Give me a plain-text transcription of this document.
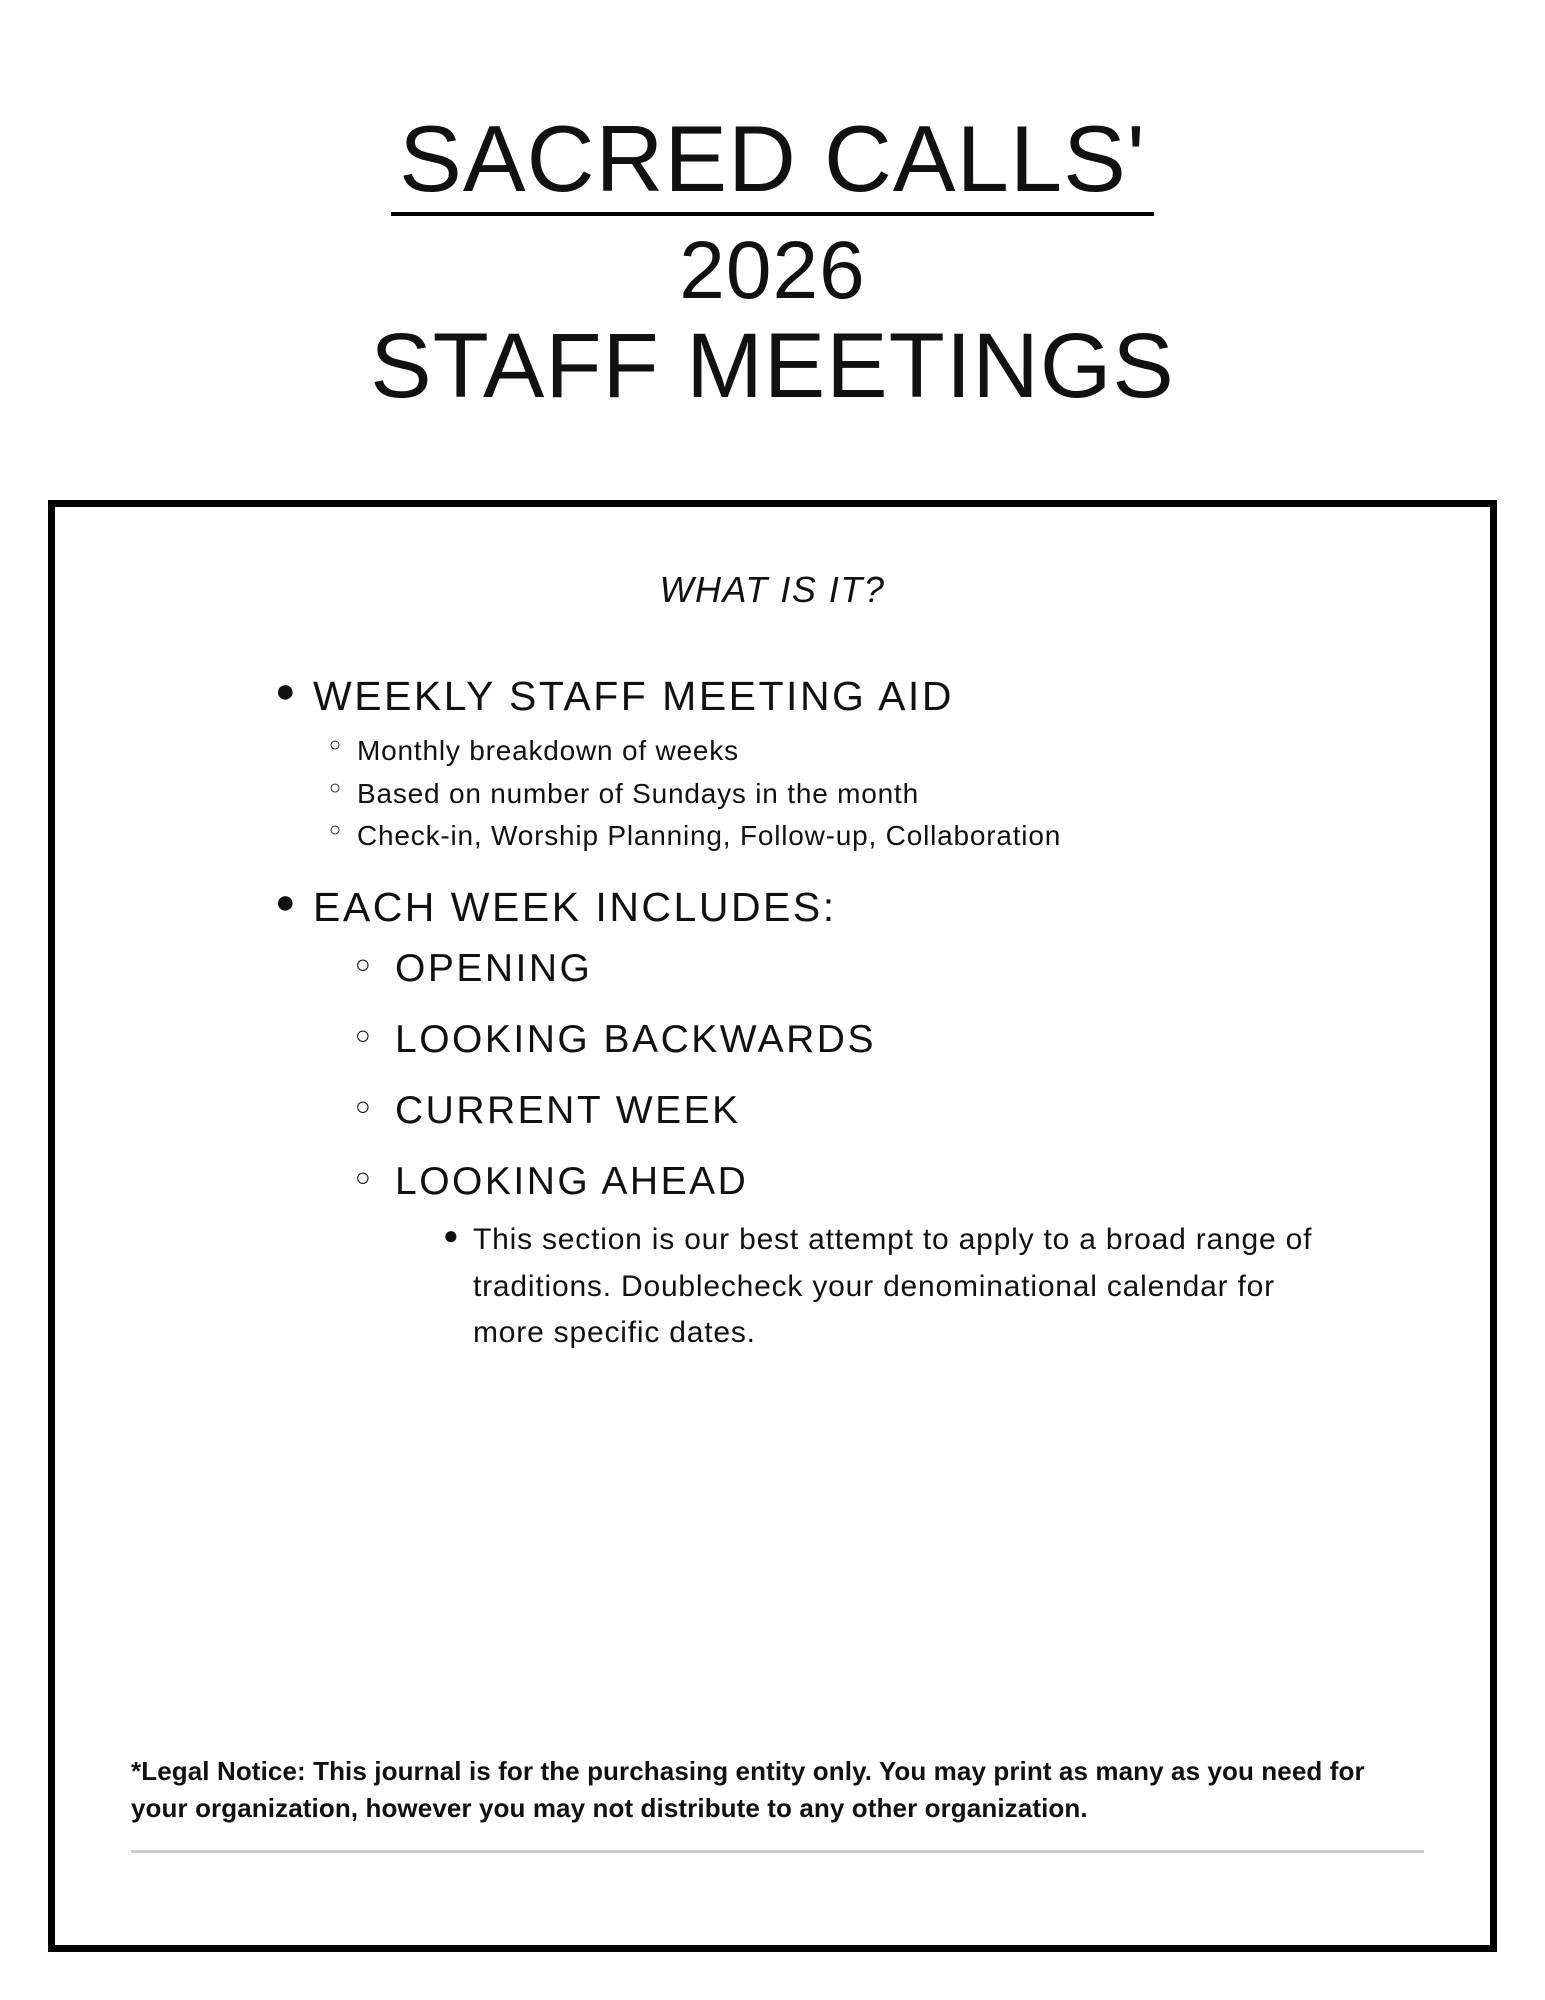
SACRED CALLS'
2026
STAFF MEETINGS
WHAT IS IT?
● WEEKLY STAFF MEETING AID
○ Monthly breakdown of weeks
○ Based on number of Sundays in the month
○ Check-in, Worship Planning, Follow-up, Collaboration
● EACH WEEK INCLUDES:
○ OPENING
○ LOOKING BACKWARDS
○ CURRENT WEEK
○ LOOKING AHEAD
● This section is our best attempt to apply to a broad range of traditions. Doublecheck your denominational calendar for more specific dates.
*Legal Notice: This journal is for the purchasing entity only. You may print as many as you need for your organization, however you may not distribute to any other organization.
